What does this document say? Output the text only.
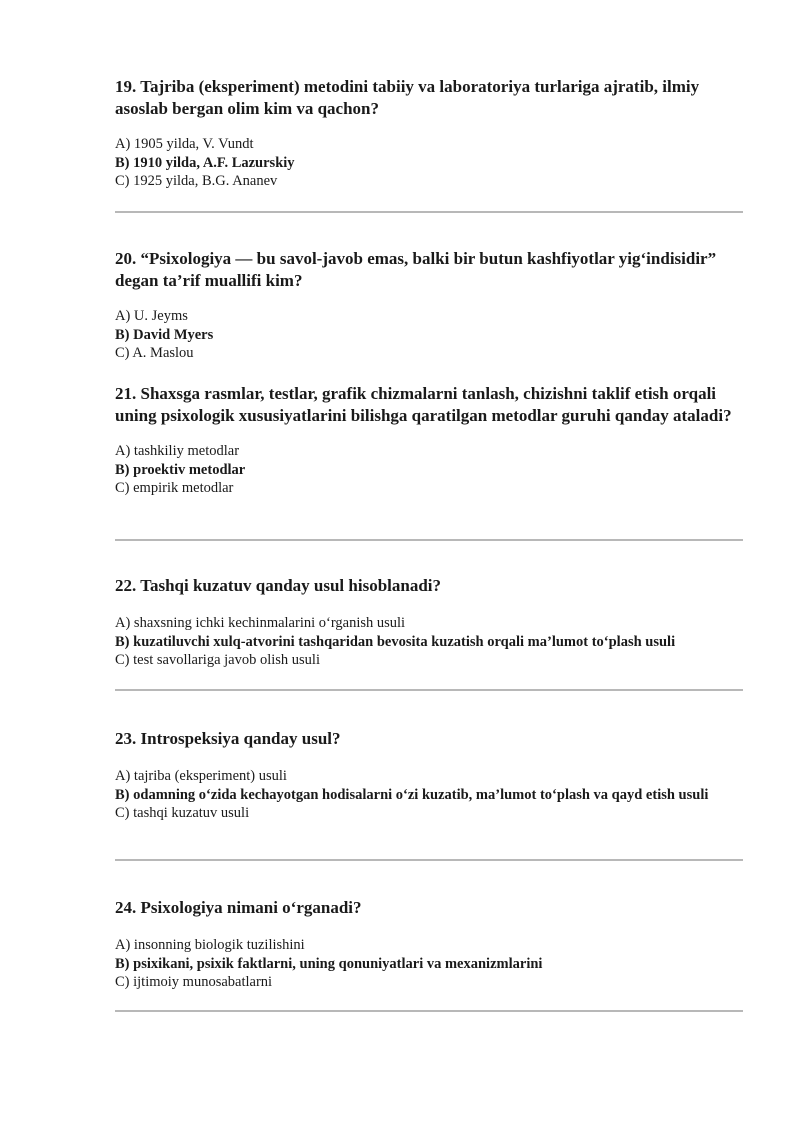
19. Tajriba (eksperiment) metodini tabiiy va laboratoriya turlariga ajratib, ilmiy asoslab bergan olim kim va qachon?

A) 1905 yilda, V. Vundt

B) 1910 yilda, A.F. Lazurskiy

C) 1925 yilda, B.G. Ananev

20. “Psixologiya — bu savol-javob emas, balki bir butun kashfiyotlar yig‘indisidir” degan ta’rif muallifi kim?

A) U. Jeyms

B) David Myers

C) A. Maslou

21. Shaxsga rasmlar, testlar, grafik chizmalarni tanlash, chizishni taklif etish orqali uning psixologik xususiyatlarini bilishga qaratilgan metodlar guruhi qanday ataladi?

A) tashkiliy metodlar

B) proektiv metodlar

C) empirik metodlar

22. Tashqi kuzatuv qanday usul hisoblanadi?

A) shaxsning ichki kechinmalarini o‘rganish usuli

B) kuzatiluvchi xulq-atvorini tashqaridan bevosita kuzatish orqali ma’lumot to‘plash usuli

C) test savollariga javob olish usuli

23. Introspeksiya qanday usul?

A) tajriba (eksperiment) usuli

B) odamning o‘zida kechayotgan hodisalarni o‘zi kuzatib, ma’lumot to‘plash va qayd etish usuli

C) tashqi kuzatuv usuli

24. Psixologiya nimani o‘rganadi?

A) insonning biologik tuzilishini

B) psixikani, psixik faktlarni, uning qonuniyatlari va mexanizmlarini

C) ijtimoiy munosabatlarni
